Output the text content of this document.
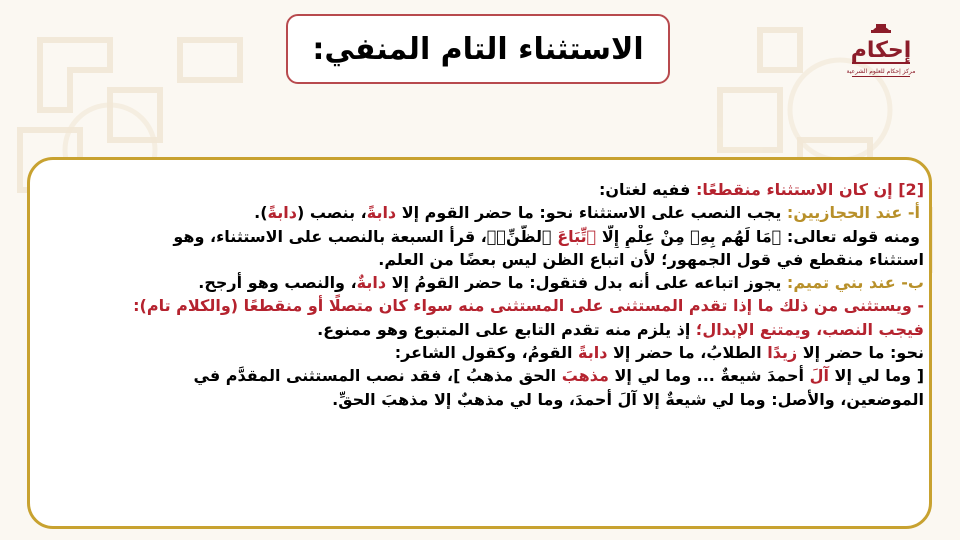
الاستثناء التام المنفي:	إحكام
مركز إحكام للعلوم الشرعية
[2] إن كان الاستثناء منقطعًا: ففيه لغتان:
أ- عند الحجازيين: يجب النصب على الاستثناء نحو: ما حضر القوم إلا دابةً، بنصب (دابةً).
ومنه قوله تعالى: ﴿مَا لَهُم بِهِۦ مِنْ عِلْمٍ إِلَّا ٱتِّبَاعَ ٱلظَّنِّۚ﴾، قرأ السبعة بالنصب على الاستثناء، وهو
استثناء منقطع في قول الجمهور؛ لأن اتباع الظن ليس بعضًا من العلم.
ب- عند بني تميم: يجوز اتباعه على أنه بدل فتقول: ما حضر القومُ إلا دابةٌ، والنصب وهو أرجح.
- ويستثنى من ذلك ما إذا تقدم المستثنى على المستثنى منه سواء كان متصلًا أو منقطعًا (والكلام تام):
فيجب النصب، ويمتنع الإبدال؛ إذ يلزم منه تقدم التابع على المتبوع وهو ممنوع.
نحو: ما حضر إلا زيدًا الطلابُ، ما حضر إلا دابةً القومُ، وكقول الشاعر:
[ وما لي إلا آلَ أحمدَ شيعةٌ ... وما لي إلا مذهبَ الحق مذهبُ ]، فقد نصب المستثنى المقدَّم في
الموضعين، والأصل: وما لي شيعةٌ إلا آلَ أحمدَ، وما لي مذهبٌ إلا مذهبَ الحقِّ.
